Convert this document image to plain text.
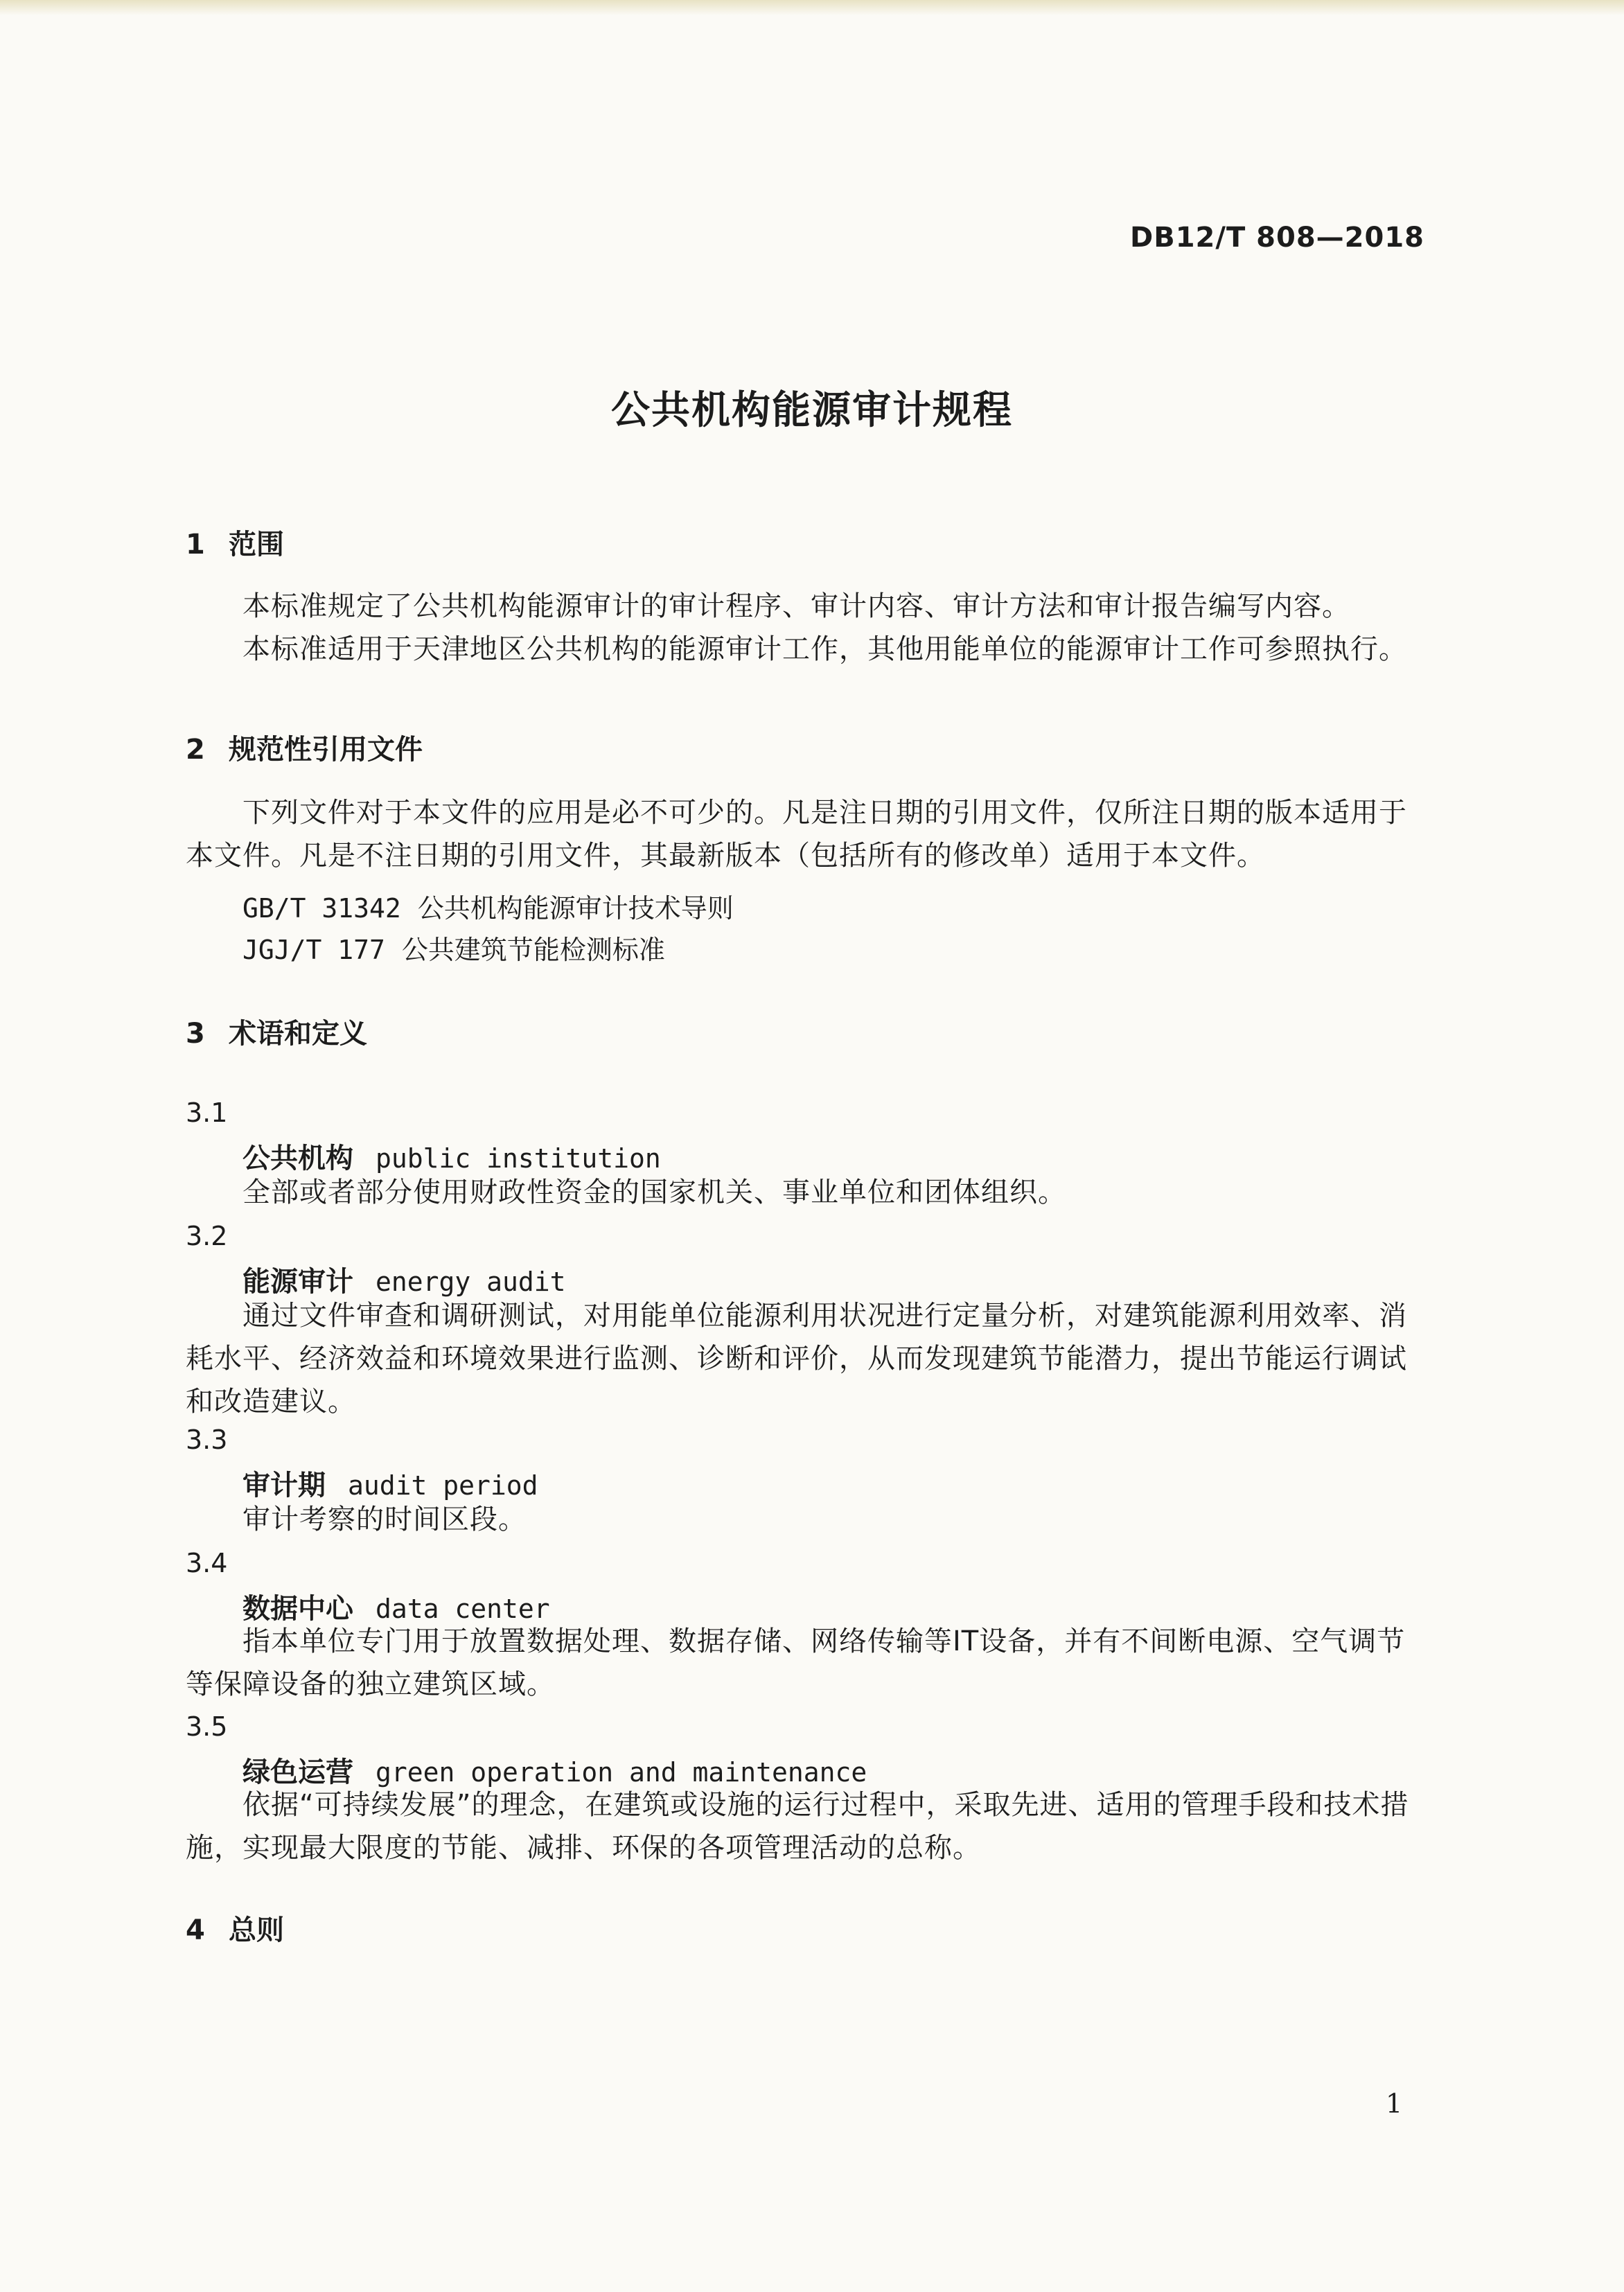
DB12/T 808—2018
公共机构能源审计规程
1 范围
本标准规定了公共机构能源审计的审计程序、审计内容、审计方法和审计报告编写内容。
本标准适用于天津地区公共机构的能源审计工作，其他用能单位的能源审计工作可参照执行。
2 规范性引用文件
下列文件对于本文件的应用是必不可少的。凡是注日期的引用文件，仅所注日期的版本适用于本文件。凡是不注日期的引用文件，其最新版本（包括所有的修改单）适用于本文件。
GB/T 31342 公共机构能源审计技术导则
JGJ/T 177 公共建筑节能检测标准
3 术语和定义
3.1
公共机构 public institution
全部或者部分使用财政性资金的国家机关、事业单位和团体组织。
3.2
能源审计 energy audit
通过文件审查和调研测试，对用能单位能源利用状况进行定量分析，对建筑能源利用效率、消耗水平、经济效益和环境效果进行监测、诊断和评价，从而发现建筑节能潜力，提出节能运行调试和改造建议。
3.3
审计期 audit period
审计考察的时间区段。
3.4
数据中心 data center
指本单位专门用于放置数据处理、数据存储、网络传输等IT设备，并有不间断电源、空气调节等保障设备的独立建筑区域。
3.5
绿色运营 green operation and maintenance
依据“可持续发展”的理念，在建筑或设施的运行过程中，采取先进、适用的管理手段和技术措施，实现最大限度的节能、减排、环保的各项管理活动的总称。
4 总则
1
